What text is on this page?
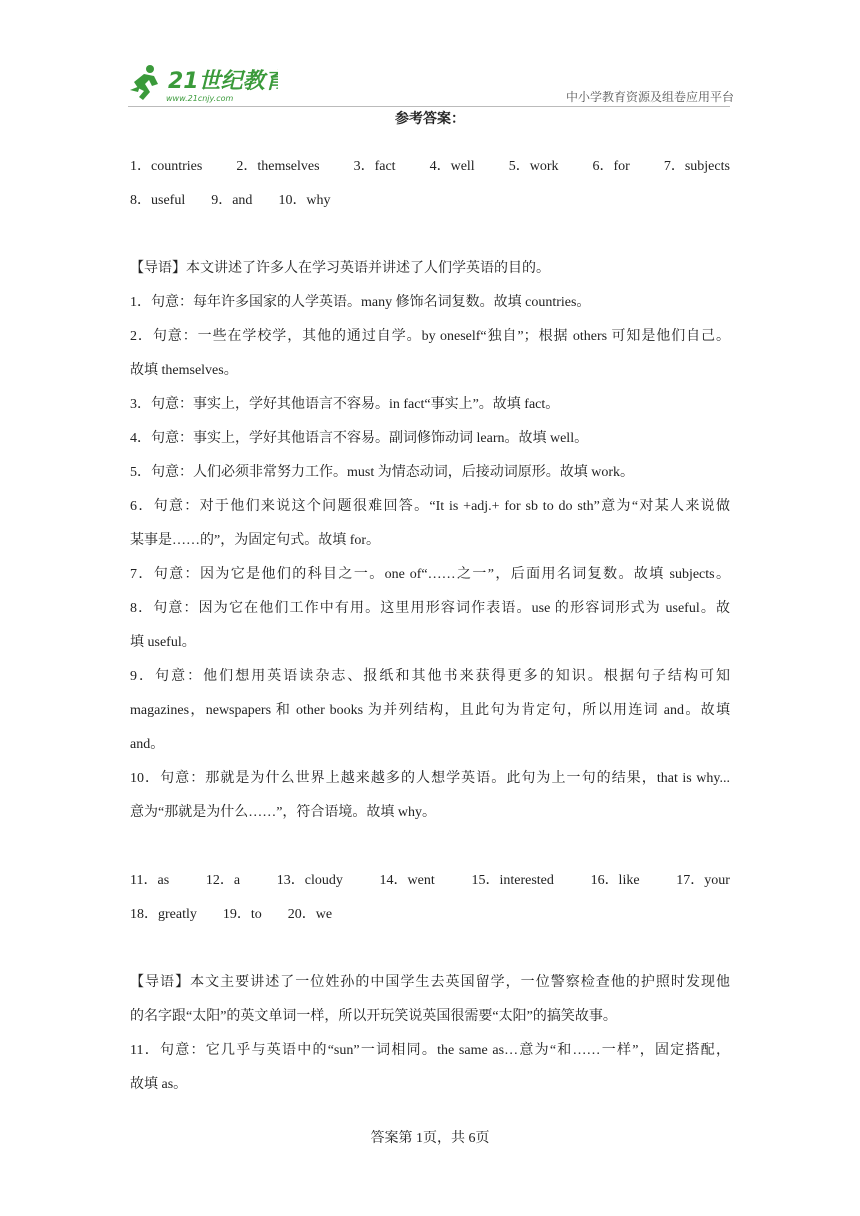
21世纪教育
www.21cnjy.com	中小学教育资源及组卷应用平台
参考答案：
1．countries 2．themselves 3．fact 4．well 5．work 6．for 7．subjects
8．useful 9．and 10．why
【导语】本文讲述了许多人在学习英语并讲述了人们学英语的目的。
1．句意：每年许多国家的人学英语。many 修饰名词复数。故填 countries。
2．句意：一些在学校学，其他的通过自学。by oneself“独自”；根据 others 可知是他们自己。
故填 themselves。
3．句意：事实上，学好其他语言不容易。in fact“事实上”。故填 fact。
4．句意：事实上，学好其他语言不容易。副词修饰动词 learn。故填 well。
5．句意：人们必须非常努力工作。must 为情态动词，后接动词原形。故填 work。
6．句意：对于他们来说这个问题很难回答。“It is +adj.+ for sb to do sth”意为“对某人来说做
某事是……的”，为固定句式。故填 for。
7．句意：因为它是他们的科目之一。one of“……之一”，后面用名词复数。故填 subjects。
8．句意：因为它在他们工作中有用。这里用形容词作表语。use 的形容词形式为 useful。故
填 useful。
9．句意：他们想用英语读杂志、报纸和其他书来获得更多的知识。根据句子结构可知
magazines，newspapers 和 other books 为并列结构，且此句为肯定句，所以用连词 and。故填
and。
10．句意：那就是为什么世界上越来越多的人想学英语。此句为上一句的结果，that is why...
意为“那就是为什么……”，符合语境。故填 why。
11．as	12．a	13．cloudy	14．went	15．interested	16．like	17．your
18．greatly 19．to 20．we
【导语】本文主要讲述了一位姓孙的中国学生去英国留学，一位警察检查他的护照时发现他
的名字跟“太阳”的英文单词一样，所以开玩笑说英国很需要“太阳”的搞笑故事。
11．句意：它几乎与英语中的“sun”一词相同。the same as…意为“和……一样”，固定搭配，
故填 as。
答案第 1页，共 6页
